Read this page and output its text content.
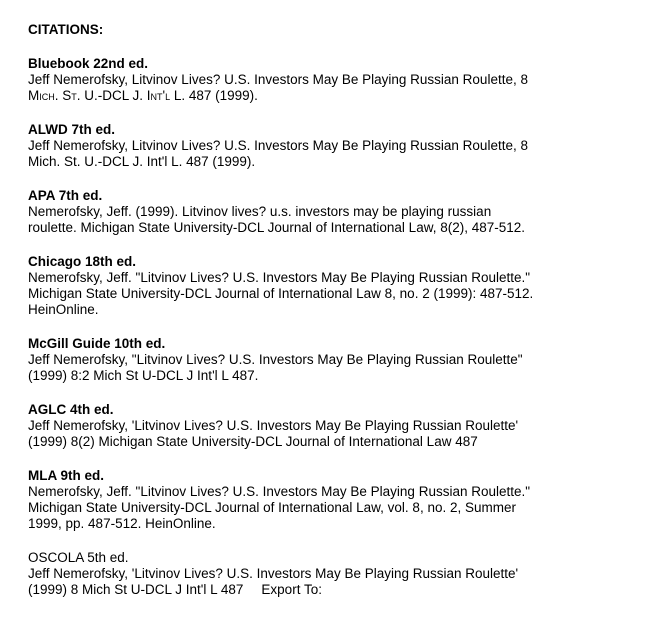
CITATIONS:
Bluebook 22nd ed.
Jeff Nemerofsky, Litvinov Lives? U.S. Investors May Be Playing Russian Roulette, 8
Mich. St. U.-DCL J. Int'l L. 487 (1999).
ALWD 7th ed.
Jeff Nemerofsky, Litvinov Lives? U.S. Investors May Be Playing Russian Roulette, 8
Mich. St. U.-DCL J. Int'l L. 487 (1999).
APA 7th ed.
Nemerofsky, Jeff. (1999). Litvinov lives? u.s. investors may be playing russian
roulette. Michigan State University-DCL Journal of International Law, 8(2), 487-512.
Chicago 18th ed.
Nemerofsky, Jeff. "Litvinov Lives? U.S. Investors May Be Playing Russian Roulette."
Michigan State University-DCL Journal of International Law 8, no. 2 (1999): 487-512.
HeinOnline.
McGill Guide 10th ed.
Jeff Nemerofsky, "Litvinov Lives? U.S. Investors May Be Playing Russian Roulette"
(1999) 8:2 Mich St U-DCL J Int'l L 487.
AGLC 4th ed.
Jeff Nemerofsky, 'Litvinov Lives? U.S. Investors May Be Playing Russian Roulette'
(1999) 8(2) Michigan State University-DCL Journal of International Law 487
MLA 9th ed.
Nemerofsky, Jeff. "Litvinov Lives? U.S. Investors May Be Playing Russian Roulette."
Michigan State University-DCL Journal of International Law, vol. 8, no. 2, Summer
1999, pp. 487-512. HeinOnline.
OSCOLA 5th ed.
Jeff Nemerofsky, 'Litvinov Lives? U.S. Investors May Be Playing Russian Roulette'
(1999) 8 Mich St U-DCL J Int'l L 487 Export To:
